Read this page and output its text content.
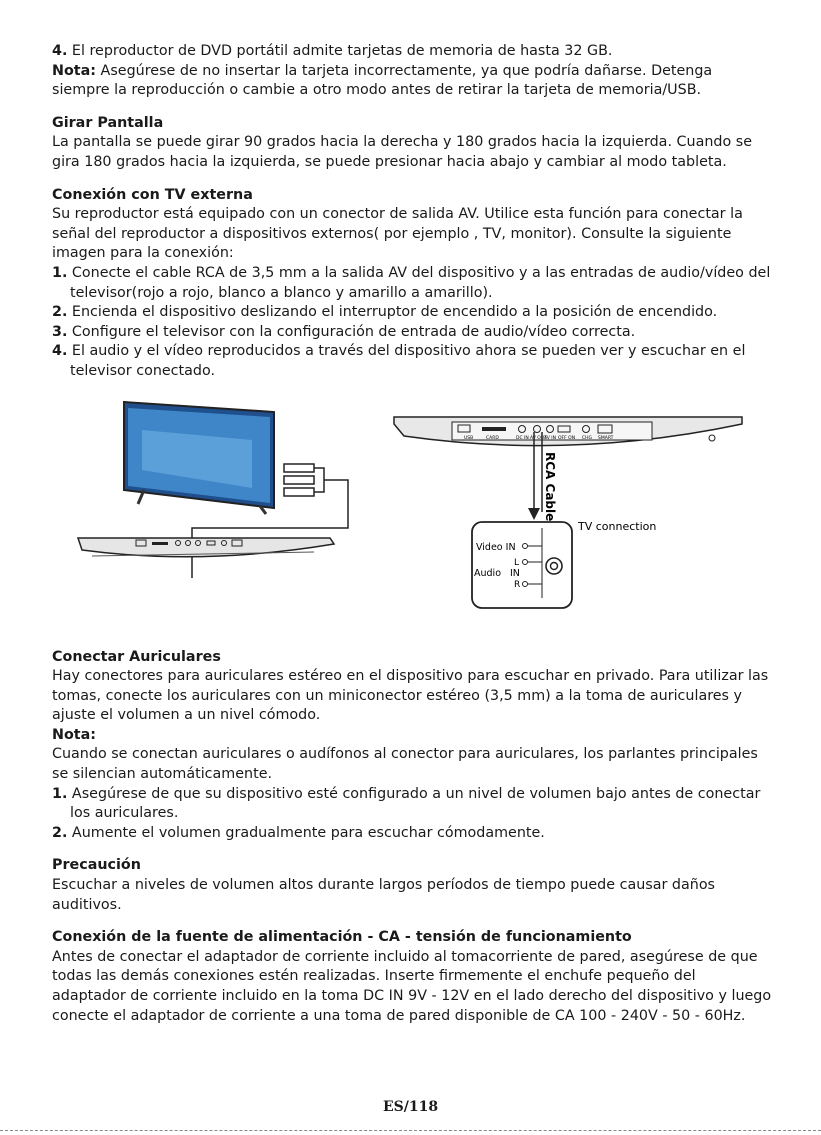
4. El reproductor de DVD portátil admite tarjetas de memoria de hasta 32 GB.

Nota: Asegúrese de no insertar la tarjeta incorrectamente, ya que podría dañarse. Detenga siempre la reproducción o cambie a otro modo antes de retirar la tarjeta de memoria/USB.

Girar Pantalla

La pantalla se puede girar 90 grados hacia la derecha y 180 grados hacia la izquierda. Cuando se gira 180 grados hacia la izquierda, se puede presionar hacia abajo y cambiar al modo tableta.

Conexión con TV externa

Su reproductor está equipado con un conector de salida AV. Utilice esta función para conectar la señal del reproductor a dispositivos externos( por ejemplo , TV, monitor). Consulte la siguiente imagen para la conexión:

1. Conecte el cable RCA de 3,5 mm a la salida AV del dispositivo y a las entradas de audio/vídeo del televisor(rojo a rojo, blanco a blanco y amarillo a amarillo).

2. Encienda el dispositivo deslizando el interruptor de encendido a la posición de encendido.

3. Configure el televisor con la configuración de entrada de audio/vídeo correcta.

4. El audio y el vídeo reproducidos a través del dispositivo ahora se pueden ver y escuchar en el televisor conectado.

USB	CARD	DC IN AV OUT
AV IN OFF ON CHG SMART
RCA Cable
Video IN
L
Audio IN
R
TV connection

Conectar Auriculares

Hay conectores para auriculares estéreo en el dispositivo para escuchar en privado. Para utilizar las tomas, conecte los auriculares con un miniconector estéreo (3,5 mm) a la toma de auriculares y ajuste el volumen a un nivel cómodo.

Nota:

Cuando se conectan auriculares o audífonos al conector para auriculares, los parlantes principales se silencian automáticamente.

1. Asegúrese de que su dispositivo esté configurado a un nivel de volumen bajo antes de conectar los auriculares.

2. Aumente el volumen gradualmente para escuchar cómodamente.

Precaución

Escuchar a niveles de volumen altos durante largos períodos de tiempo puede causar daños auditivos.

Conexión de la fuente de alimentación - CA - tensión de funcionamiento

Antes de conectar el adaptador de corriente incluido al tomacorriente de pared, asegúrese de que todas las demás conexiones estén realizadas. Inserte firmemente el enchufe pequeño del adaptador de corriente incluido en la toma DC IN 9V - 12V en el lado derecho del dispositivo y luego conecte el adaptador de corriente a una toma de pared disponible de CA 100 - 240V - 50 - 60Hz.

ES/118
